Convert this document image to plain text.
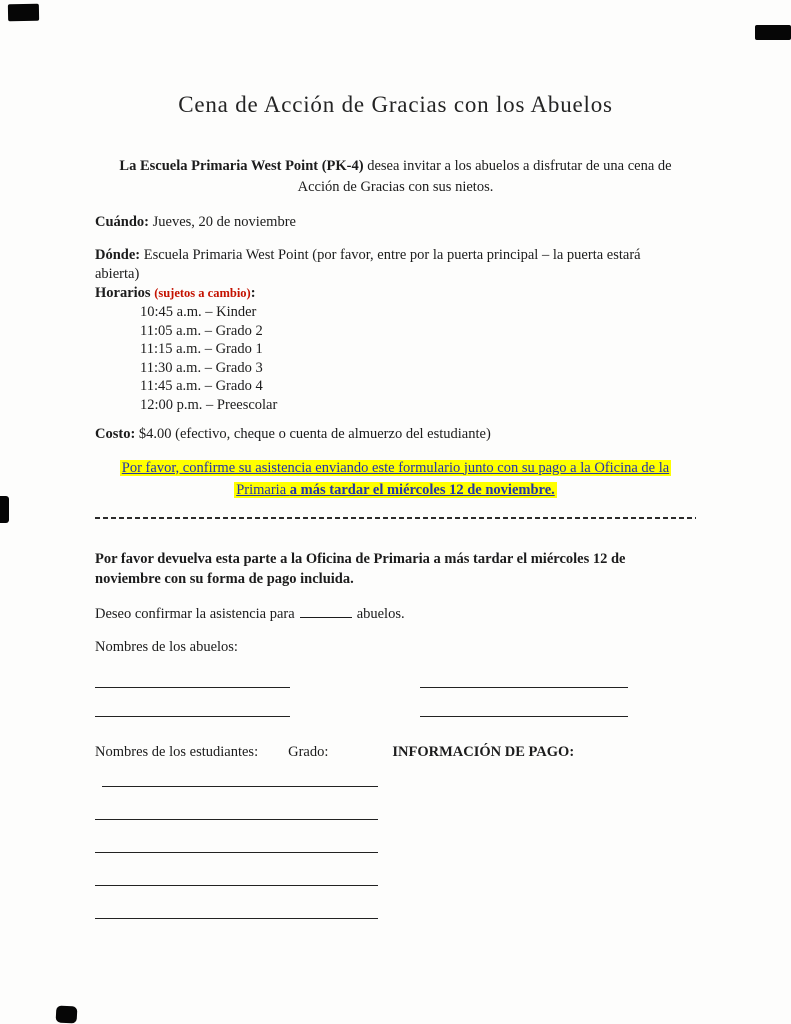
Cena de Acción de Gracias con los Abuelos

La Escuela Primaria West Point (PK-4) desea invitar a los abuelos a disfrutar de una cena de
Acción de Gracias con sus nietos.

Cuándo: Jueves, 20 de noviembre

Dónde: Escuela Primaria West Point (por favor, entre por la puerta principal – la puerta estará
abierta)

Horarios (sujetos a cambio):

10:45 a.m. – Kinder
11:05 a.m. – Grado 2
11:15 a.m. – Grado 1
11:30 a.m. – Grado 3
11:45 a.m. – Grado 4
12:00 p.m. – Preescolar

Costo: $4.00 (efectivo, cheque o cuenta de almuerzo del estudiante)

Por favor, confirme su asistencia enviando este formulario junto con su pago a la Oficina de la
Primaria a más tardar el miércoles 12 de noviembre.

Por favor devuelva esta parte a la Oficina de Primaria a más tardar el miércoles 12 de
noviembre con su forma de pago incluida.

Deseo confirmar la asistencia para	abuelos.

Nombres de los abuelos:

Nombres de los estudiantes: Grado:	INFORMACIÓN DE PAGO:
